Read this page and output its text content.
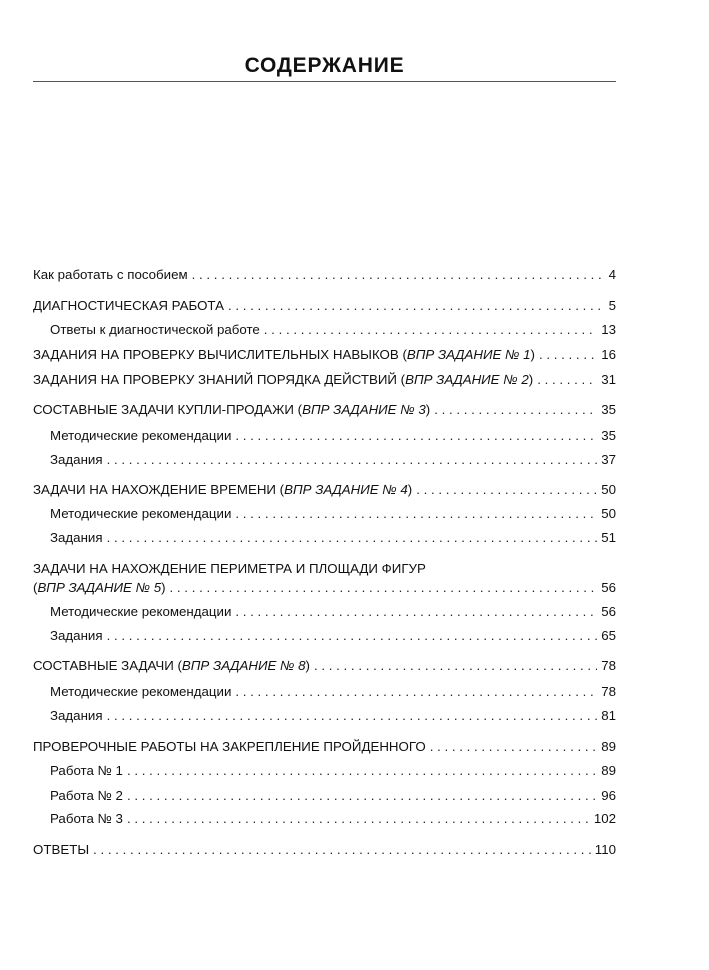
СОДЕРЖАНИЕ
Как работать с пособием . . .	4
ДИАГНОСТИЧЕСКАЯ РАБОТА . . .	5
Ответы к диагностической работе . . .	13
ЗАДАНИЯ НА ПРОВЕРКУ ВЫЧИСЛИТЕЛЬНЫХ НАВЫКОВ (ВПР ЗАДАНИЕ № 1) . . .	16
ЗАДАНИЯ НА ПРОВЕРКУ ЗНАНИЙ ПОРЯДКА ДЕЙСТВИЙ (ВПР ЗАДАНИЕ № 2) . . .	31
СОСТАВНЫЕ ЗАДАЧИ КУПЛИ-ПРОДАЖИ (ВПР ЗАДАНИЕ № 3) . . .	35
Методические рекомендации . . .	35
Задания . . .	37
ЗАДАЧИ НА НАХОЖДЕНИЕ ВРЕМЕНИ (ВПР ЗАДАНИЕ № 4) . . .	50
Методические рекомендации . . .	50
Задания . . .	51
ЗАДАЧИ НА НАХОЖДЕНИЕ ПЕРИМЕТРА И ПЛОЩАДИ ФИГУР
(ВПР ЗАДАНИЕ № 5) . . .	56
Методические рекомендации . . .	56
Задания . . .	65
СОСТАВНЫЕ ЗАДАЧИ (ВПР ЗАДАНИЕ № 8) . . .	78
Методические рекомендации . . .	78
Задания . . .	81
ПРОВЕРОЧНЫЕ РАБОТЫ НА ЗАКРЕПЛЕНИЕ ПРОЙДЕННОГО . . .	89
Работа № 1 . . .	89
Работа № 2 . . .	96
Работа № 3 . . .	102
ОТВЕТЫ . . .	110
